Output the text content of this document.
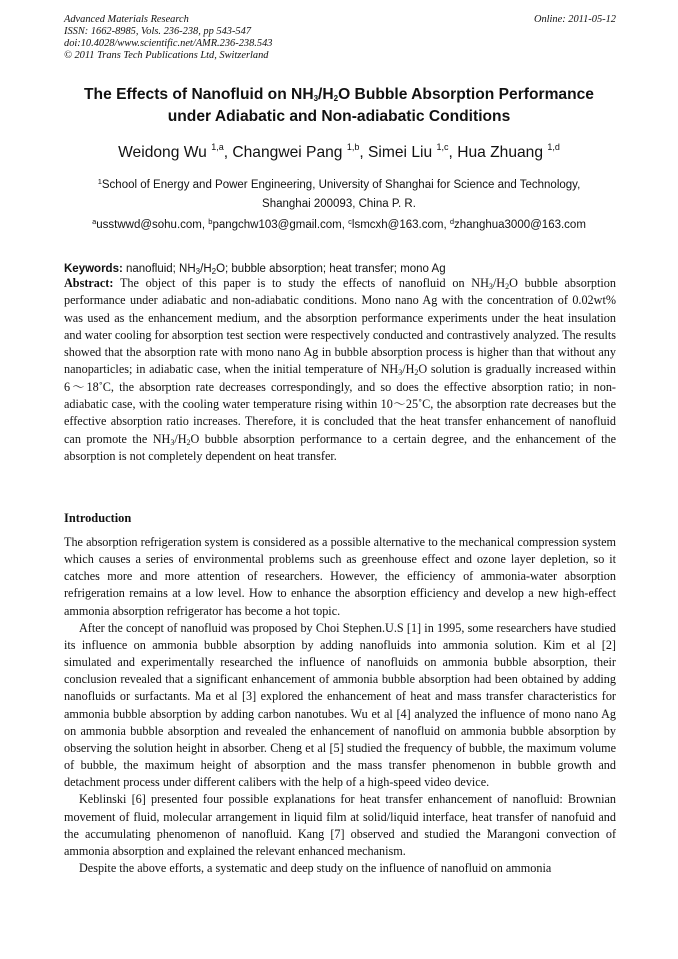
Advanced Materials Research
ISSN: 1662-8985, Vols. 236-238, pp 543-547
doi:10.4028/www.scientific.net/AMR.236-238.543
© 2011 Trans Tech Publications Ltd, Switzerland
Online: 2011-05-12
The Effects of Nanofluid on $NH_3/H_2O$ Bubble Absorption Performance
under Adiabatic and Non-adiabatic Conditions
Weidong Wu $^{1,a}$, Changwei Pang $^{1,b}$, Simei Liu $^{1,c}$, Hua Zhuang $^{1,d}$
$^1$School of Energy and Power Engineering, University of Shanghai for Science and Technology,
Shanghai 200093, China P. R.
$^a$usstwwd@sohu.com, $^b$pangchw103@gmail.com, $^c$lsmcxh@163.com, $^d$zhanghua3000@163.com
Keywords: nanofluid; $NH_3/H_2O$; bubble absorption; heat transfer; mono Ag
Abstract: The object of this paper is to study the effects of nanofluid on $NH_3/H_2O$ bubble absorption performance under adiabatic and non-adiabatic conditions. Mono nano Ag with the concentration of 0.02wt% was used as the enhancement medium, and the absorption performance experiments under the heat insulation and water cooling for absorption test section were respectively conducted and contrastively analyzed. The results showed that the absorption rate with mono nano Ag in bubble absorption process is higher than that without any nanoparticles; in adiabatic case, when the initial temperature of $NH_3/H_2O$ solution is gradually increased within 6～18˚C, the absorption rate decreases correspondingly, and so does the effective absorption ratio; in non-adiabatic case, with the cooling water temperature rising within 10～25˚C, the absorption rate decreases but the effective absorption ratio increases. Therefore, it is concluded that the heat transfer enhancement of nanofluid can promote the $NH_3/H_2O$ bubble absorption performance to a certain degree, and the enhancement of the absorption is not completely dependent on heat transfer.
Introduction

The absorption refrigeration system is considered as a possible alternative to the mechanical compression system which causes a series of environmental problems such as greenhouse effect and ozone layer depletion, so it catches more and more attention of researchers. However, the efficiency of ammonia-water absorption refrigeration remains at a low level. How to enhance the absorption efficiency and develop a new high-effect ammonia absorption refrigerator has become a hot topic.

After the concept of nanofluid was proposed by Choi Stephen.U.S [1] in 1995, some researchers have studied its influence on ammonia bubble absorption by adding nanofluids into ammonia solution. Kim et al [2] simulated and experimentally researched the influence of nanofluids on ammonia bubble absorption, their conclusion revealed that a significant enhancement of ammonia bubble absorption had been obtained by adding nanofluids or surfactants. Ma et al [3] explored the enhancement of heat and mass transfer characteristics for ammonia bubble absorption by adding carbon nanotubes. Wu et al [4] analyzed the influence of mono nano Ag on ammonia bubble absorption and revealed the enhancement of nanofluid on ammonia bubble absorption by observing the solution height in absorber. Cheng et al [5] studied the frequency of bubble, the maximum volume of bubble, the maximum height of absorption and the mass transfer phenomenon in bubble growth and detachment process under different calibers with the help of a high-speed video device.

Keblinski [6] presented four possible explanations for heat transfer enhancement of nanofluid: Brownian movement of fluid, molecular arrangement in liquid film at solid/liquid interface, heat transfer of nanofuid and the accumulating phenomenon of nanofluid. Kang [7] observed and studied the Marangoni convection of ammonia absorption and explained the relevant enhanced mechanism.

Despite the above efforts, a systematic and deep study on the influence of nanofluid on ammonia
